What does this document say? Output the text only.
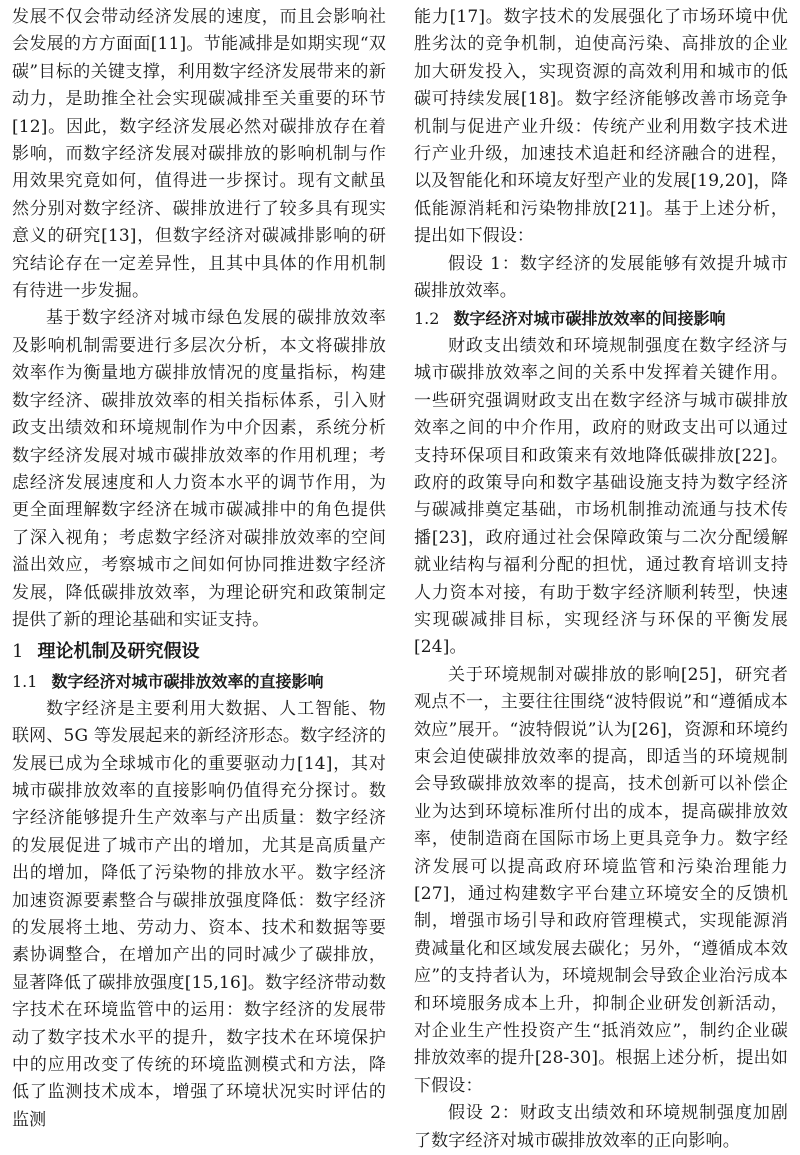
发展不仅会带动经济发展的速度，而且会影响社会发展的方方面面[11]。节能减排是如期实现“双碳”目标的关键支撑，利用数字经济发展带来的新动力，是助推全社会实现碳减排至关重要的环节[12]。因此，数字经济发展必然对碳排放存在着影响，而数字经济发展对碳排放的影响机制与作用效果究竟如何，值得进一步探讨。现有文献虽然分别对数字经济、碳排放进行了较多具有现实意义的研究[13]，但数字经济对碳减排影响的研究结论存在一定差异性，且其中具体的作用机制有待进一步发掘。

基于数字经济对城市绿色发展的碳排放效率及影响机制需要进行多层次分析，本文将碳排放效率作为衡量地方碳排放情况的度量指标，构建数字经济、碳排放效率的相关指标体系，引入财政支出绩效和环境规制作为中介因素，系统分析数字经济发展对城市碳排放效率的作用机理；考虑经济发展速度和人力资本水平的调节作用，为更全面理解数字经济在城市碳减排中的角色提供了深入视角；考虑数字经济对碳排放效率的空间溢出效应，考察城市之间如何协同推进数字经济发展，降低碳排放效率，为理论研究和政策制定提供了新的理论基础和实证支持。

1 理论机制及研究假设
1.1 数字经济对城市碳排放效率的直接影响

数字经济是主要利用大数据、人工智能、物联网、5G 等发展起来的新经济形态。数字经济的发展已成为全球城市化的重要驱动力[14]，其对城市碳排放效率的直接影响仍值得充分探讨。数字经济能够提升生产效率与产出质量：数字经济的发展促进了城市产出的增加，尤其是高质量产出的增加，降低了污染物的排放水平。数字经济加速资源要素整合与碳排放强度降低：数字经济的发展将土地、劳动力、资本、技术和数据等要素协调整合，在增加产出的同时减少了碳排放，显著降低了碳排放强度[15,16]。数字经济带动数字技术在环境监管中的运用：数字经济的发展带动了数字技术水平的提升，数字技术在环境保护中的应用改变了传统的环境监测模式和方法，降低了监测技术成本，增强了环境状况实时评估的监测

能力[17]。数字技术的发展强化了市场环境中优胜劣汰的竞争机制，迫使高污染、高排放的企业加大研发投入，实现资源的高效利用和城市的低碳可持续发展[18]。数字经济能够改善市场竞争机制与促进产业升级：传统产业利用数字技术进行产业升级，加速技术追赶和经济融合的进程，以及智能化和环境友好型产业的发展[19,20]，降低能源消耗和污染物排放[21]。基于上述分析，提出如下假设：

假设 1：数字经济的发展能够有效提升城市碳排放效率。

1.2 数字经济对城市碳排放效率的间接影响

财政支出绩效和环境规制强度在数字经济与城市碳排放效率之间的关系中发挥着关键作用。一些研究强调财政支出在数字经济与城市碳排放效率之间的中介作用，政府的财政支出可以通过支持环保项目和政策来有效地降低碳排放[22]。政府的政策导向和数字基础设施支持为数字经济与碳减排奠定基础，市场机制推动流通与技术传播[23]，政府通过社会保障政策与二次分配缓解就业结构与福利分配的担忧，通过教育培训支持人力资本对接，有助于数字经济顺利转型，快速实现碳减排目标，实现经济与环保的平衡发展[24]。

关于环境规制对碳排放的影响[25]，研究者观点不一，主要往往围绕“波特假说”和“遵循成本效应”展开。“波特假说”认为[26]，资源和环境约束会迫使碳排放效率的提高，即适当的环境规制会导致碳排放效率的提高，技术创新可以补偿企业为达到环境标准所付出的成本，提高碳排放效率，使制造商在国际市场上更具竞争力。数字经济发展可以提高政府环境监管和污染治理能力[27]，通过构建数字平台建立环境安全的反馈机制，增强市场引导和政府管理模式，实现能源消费减量化和区域发展去碳化；另外，“遵循成本效应”的支持者认为，环境规制会导致企业治污成本和环境服务成本上升，抑制企业研发创新活动，对企业生产性投资产生“抵消效应”，制约企业碳排放效率的提升[28-30]。根据上述分析，提出如下假设：

假设 2：财政支出绩效和环境规制强度加剧了数字经济对城市碳排放效率的正向影响。
